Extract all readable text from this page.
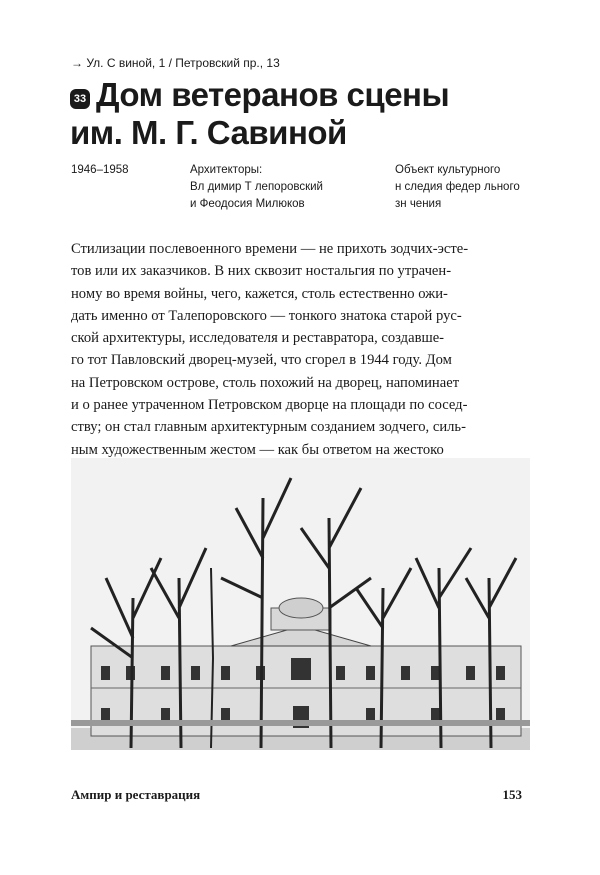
→ Ул. С виной, 1 / Петровский пр., 13
33 Дом ветеранов сцены
им. М. Г. Савиной
1946–1958	Архитекторы:
Вл димир Т лепоровский
и Феодосия Милюков
Объект культурного
н следия федер льного
зн чения
Стилизации послевоенного времени — не прихоть зодчих-эсте-
тов или их заказчиков. В них сквозит ностальгия по утрачен-
ному во время войны, чего, кажется, столь естественно ожи-
дать именно от Талепоровского — тонкого знатока старой рус-
ской архитектуры, исследователя и реставратора, создавше-
го тот Павловский дворец-музей, что сгорел в 1944 году. Дом
на Петровском острове, столь похожий на дворец, напоминает
и о ранее утраченном Петровском дворце на площади по сосед-
ству; он стал главным архитектурным созданием зодчего, силь-
ным художественным жестом — как бы ответом на жестоко
Ампир и реставрация	153
